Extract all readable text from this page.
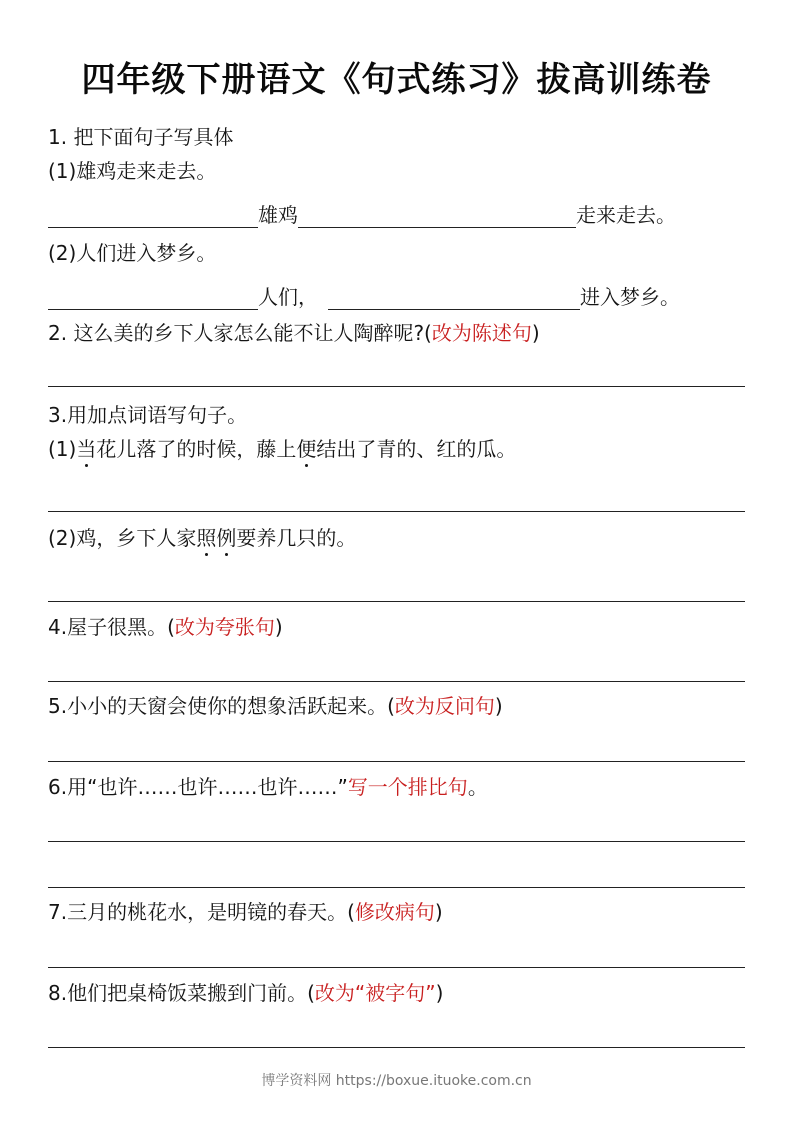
四年级下册语文《句式练习》拔高训练卷
1. 把下面句子写具体
(1)雄鸡走来走去。
雄鸡	走来走去。
(2)人们进入梦乡。
人们，	进入梦乡。
2. 这么美的乡下人家怎么能不让人陶醉呢?(改为陈述句)
3.用加点词语写句子。
(1)当花儿落了的时候，藤上便结出了青的、红的瓜。
(2)鸡，乡下人家照例要养几只的。
4.屋子很黑。(改为夸张句)
5.小小的天窗会使你的想象活跃起来。(改为反问句)
6.用“也许……也许……也许……”写一个排比句。
7.三月的桃花水，是明镜的春天。(修改病句)
8.他们把桌椅饭菜搬到门前。(改为“被字句”)
博学资料网 https://boxue.ituoke.com.cn
